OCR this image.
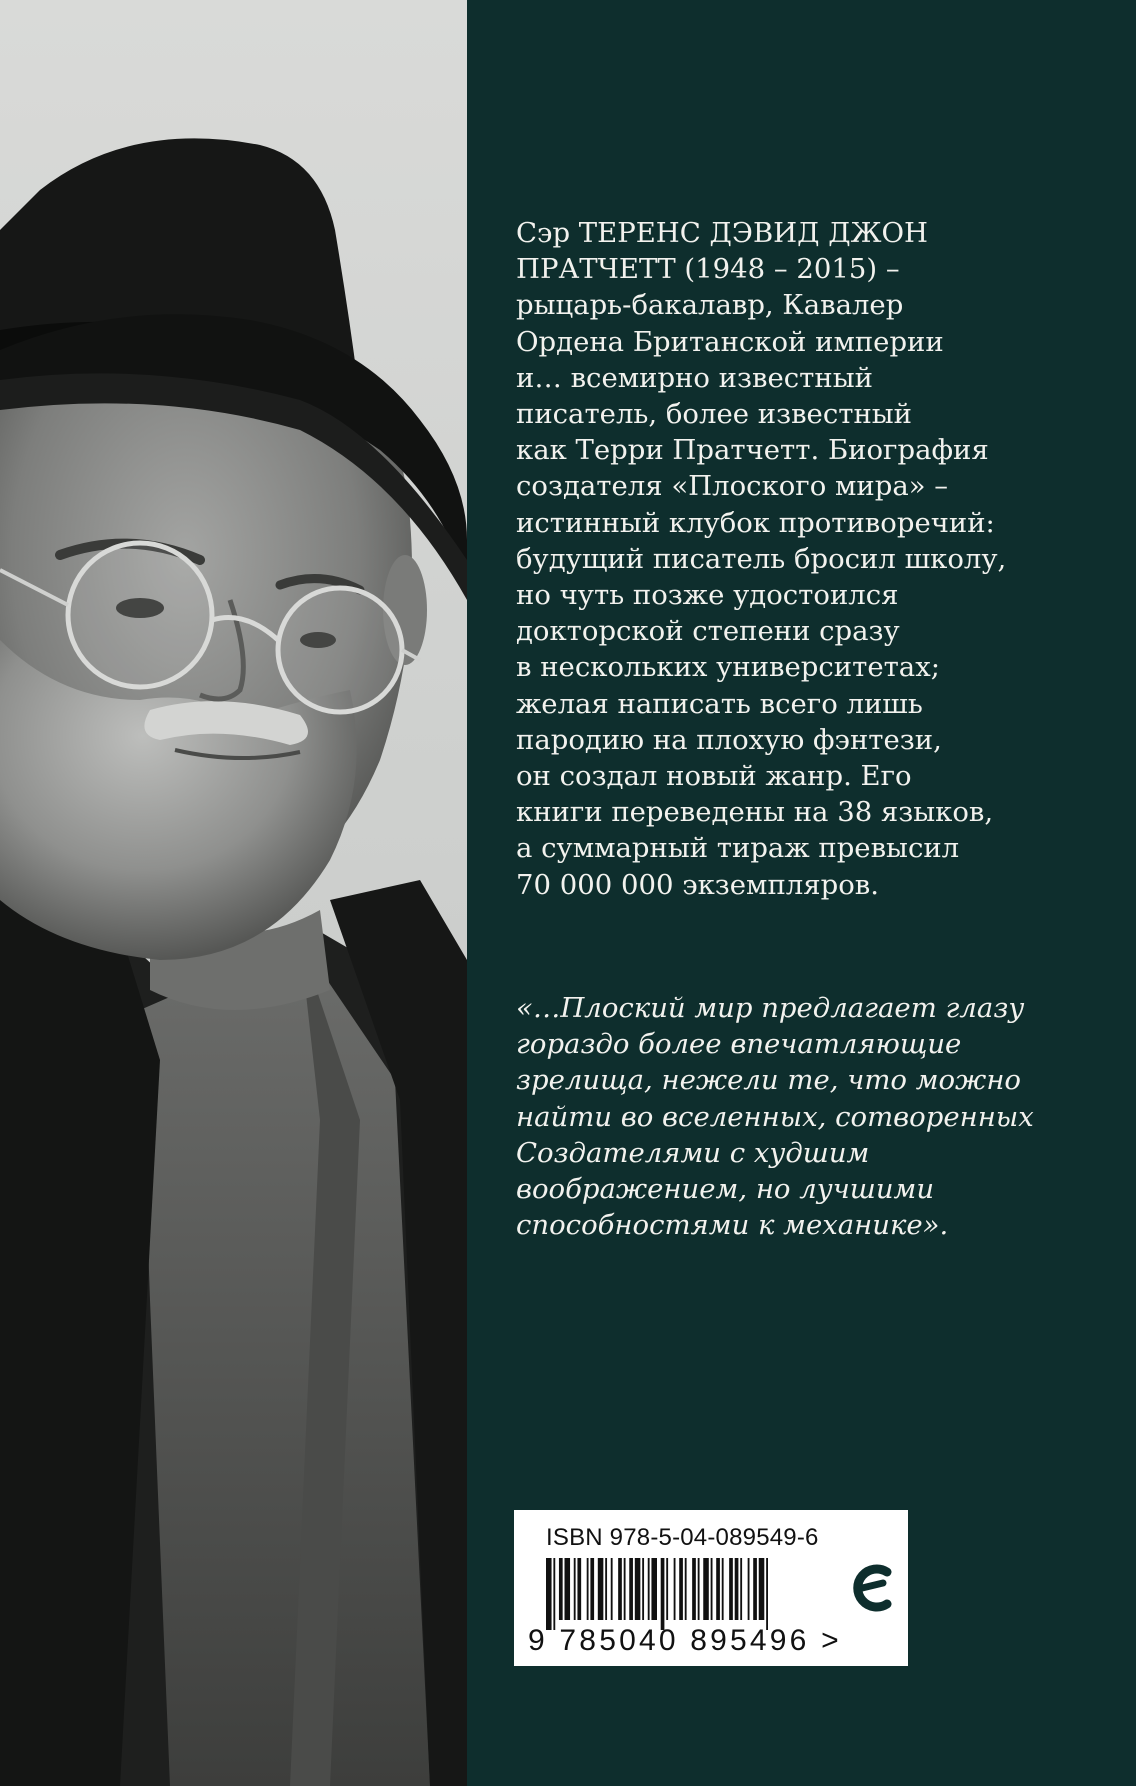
Сэр ТЕРЕНС ДЭВИД ДЖОН
ПРАТЧЕТТ (1948 – 2015) –
рыцарь-бакалавр, Кавалер
Ордена Британской империи
и… всемирно известный
писатель, более известный
как Терри Пратчетт. Биография
создателя «Плоского мира» –
истинный клубок противоречий:
будущий писатель бросил школу,
но чуть позже удостоился
докторской степени сразу
в нескольких университетах;
желая написать всего лишь
пародию на плохую фэнтези,
он создал новый жанр. Его
книги переведены на 38 языков,
а суммарный тираж превысил
70 000 000 экземпляров.

«…Плоский мир предлагает глазу
гораздо более впечатляющие
зрелища, нежели те, что можно
найти во вселенных, сотворенных
Создателями с худшим
воображением, но лучшими
способностями к механике».

ISBN 978-5-04-089549-6
9 785040 895496 >
